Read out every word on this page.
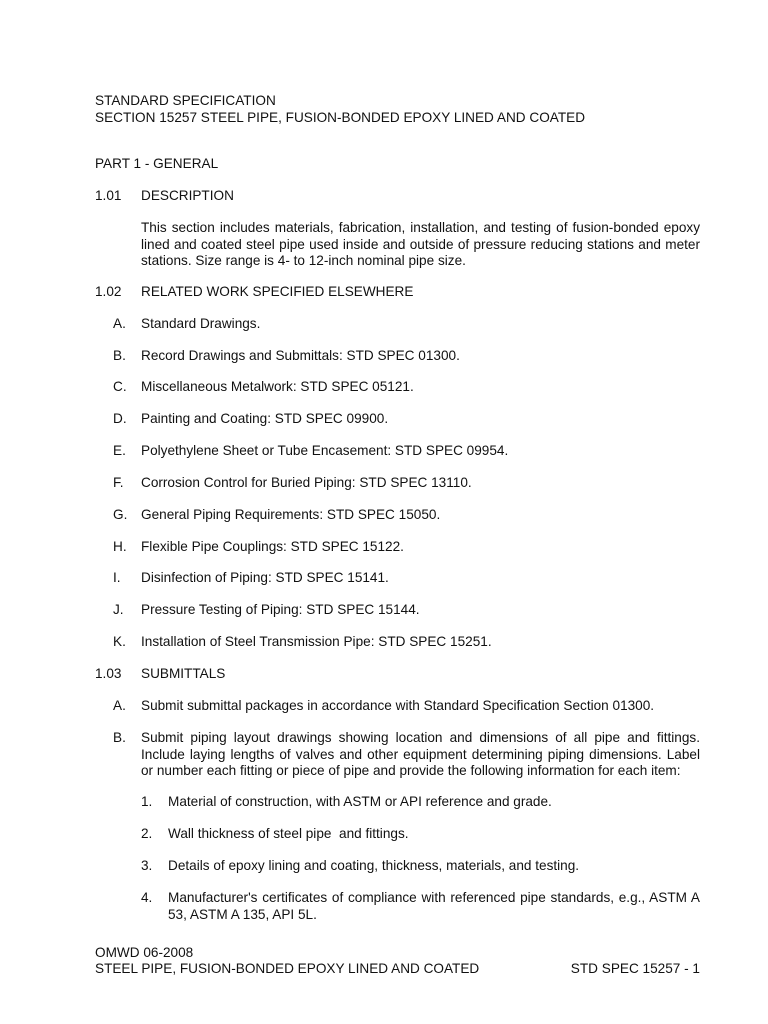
STANDARD SPECIFICATION
SECTION 15257 STEEL PIPE, FUSION-BONDED EPOXY LINED AND COATED
PART 1 - GENERAL
1.01	DESCRIPTION
This section includes materials, fabrication, installation, and testing of fusion-bonded epoxy lined and coated steel pipe used inside and outside of pressure reducing stations and meter stations. Size range is 4- to 12-inch nominal pipe size.
1.02	RELATED WORK SPECIFIED ELSEWHERE
A.	Standard Drawings.
B.	Record Drawings and Submittals: STD SPEC 01300.
C.	Miscellaneous Metalwork: STD SPEC 05121.
D.	Painting and Coating: STD SPEC 09900.
E.	Polyethylene Sheet or Tube Encasement: STD SPEC 09954.
F.	Corrosion Control for Buried Piping: STD SPEC 13110.
G.	General Piping Requirements: STD SPEC 15050.
H.	Flexible Pipe Couplings: STD SPEC 15122.
I.	Disinfection of Piping: STD SPEC 15141.
J.	Pressure Testing of Piping: STD SPEC 15144.
K.	Installation of Steel Transmission Pipe: STD SPEC 15251.
1.03	SUBMITTALS
A.	Submit submittal packages in accordance with Standard Specification Section 01300.
B.	Submit piping layout drawings showing location and dimensions of all pipe and fittings. Include laying lengths of valves and other equipment determining piping dimensions. Label or number each fitting or piece of pipe and provide the following information for each item:
1.	Material of construction, with ASTM or API reference and grade.
2.	Wall thickness of steel pipe  and fittings.
3.	Details of epoxy lining and coating, thickness, materials, and testing.
4.	Manufacturer's certificates of compliance with referenced pipe standards, e.g., ASTM A 53, ASTM A 135, API 5L.
OMWD 06-2008
STEEL PIPE, FUSION-BONDED EPOXY LINED AND COATED	STD SPEC 15257 - 1
